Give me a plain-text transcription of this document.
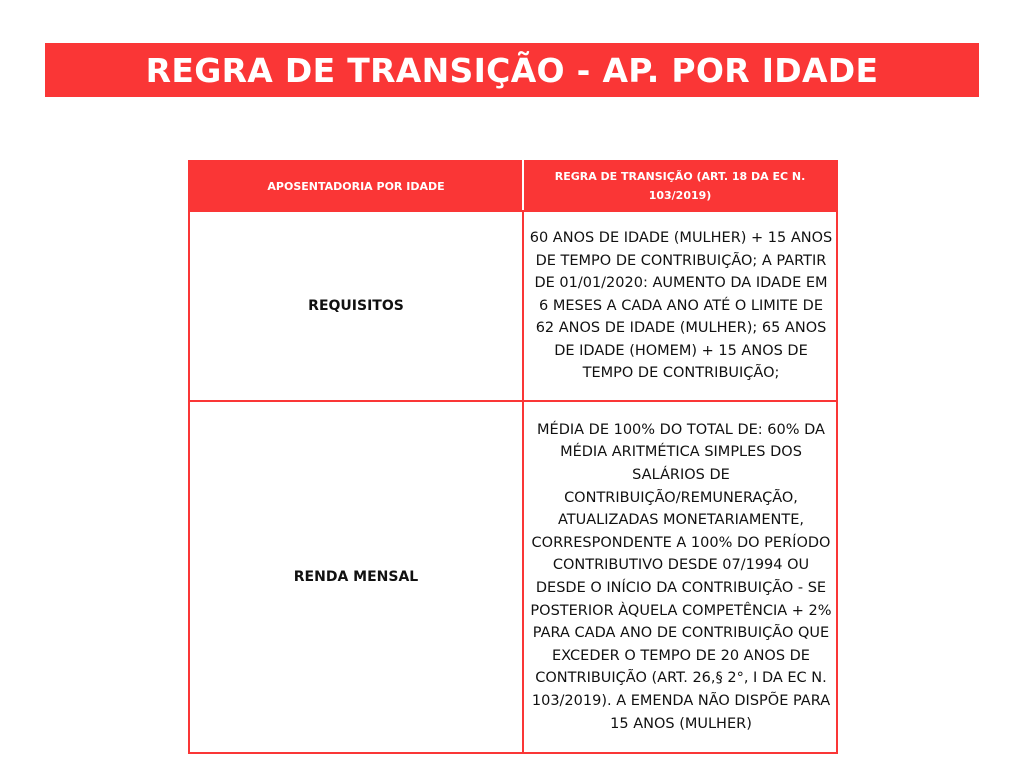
REGRA DE TRANSIÇÃO - AP. POR IDADE
APOSENTADORIA POR IDADE	REGRA DE TRANSIÇÃO (ART. 18 DA EC N. 103/2019)

REQUISITOS	60 ANOS DE IDADE (MULHER) + 15 ANOS DE TEMPO DE CONTRIBUIÇÃO; A PARTIR DE 01/01/2020: AUMENTO DA IDADE EM 6 MESES A CADA ANO ATÉ O LIMITE DE 62 ANOS DE IDADE (MULHER); 65 ANOS DE IDADE (HOMEM) + 15 ANOS DE TEMPO DE CONTRIBUIÇÃO;
RENDA MENSAL	MÉDIA DE 100% DO TOTAL DE: 60% DA MÉDIA ARITMÉTICA SIMPLES DOS SALÁRIOS DE CONTRIBUIÇÃO/REMUNERAÇÃO, ATUALIZADAS MONETARIAMENTE, CORRESPONDENTE A 100% DO PERÍODO CONTRIBUTIVO DESDE 07/1994 OU DESDE O INÍCIO DA CONTRIBUIÇÃO - SE POSTERIOR ÀQUELA COMPETÊNCIA + 2% PARA CADA ANO DE CONTRIBUIÇÃO QUE EXCEDER O TEMPO DE 20 ANOS DE CONTRIBUIÇÃO (ART. 26,§ 2°, I DA EC N. 103/2019). A EMENDA NÃO DISPÕE PARA 15 ANOS (MULHER)
